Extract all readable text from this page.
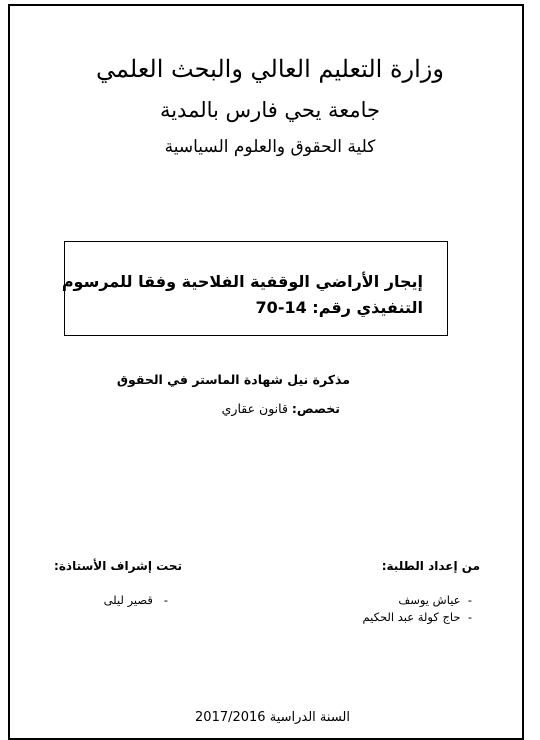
وزارة التعليم العالي والبحث العلمي
جامعة يحي فارس بالمدية
كلية الحقوق والعلوم السياسية
إيجار الأراضي الوقفية الفلاحية وفقا للمرسوم
التنفيذي رقم: 14-70
مذكرة نيل شهادة الماستر في الحقوق
تخصص: قانون عقاري
من إعداد الطلبة:
تحت إشراف الأستاذة:
-  عياش يوسف
-  حاج كولة عبد الحكيم
-   قصير ليلى
السنة الدراسية 2017/2016
